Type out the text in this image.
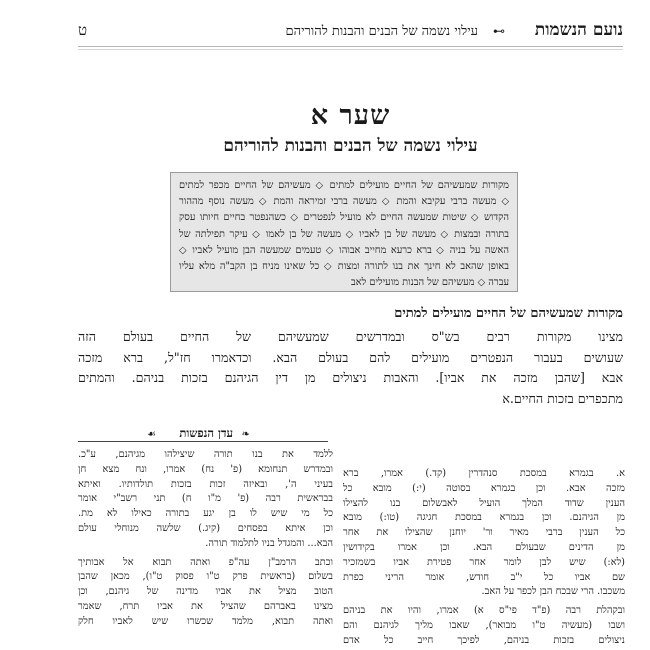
נועם הנשמות
⊶
עילוי נשמה של הבנים והבנות להוריהם
ט
שער א
עילוי נשמה של הבנים והבנות להוריהם
מקורות שמעשיהם של החיים מועילים למתים ◇ מעשיהם של החיים מכפר למתים
◇ מעשה ברבי עקיבא והמת ◇ מעשה ברבי זמיראה והמת ◇ מעשה נוסף מההור
הקדוש ◇ שיטות שמעשה החיים לא מועיל לנפטרים ◇ כשהנפטר בחיים חיותו עסק
בתורה ובמצות ◇ מעשה של בן לאביו ◇ מעשה של בן לאמו ◇ עיקר תפילתה של
האשה על בניה ◇ ברא כרעא מחייב אבוהו ◇ טעמים שמעשה הבן מועיל לאביו ◇
באופן שהאב לא חינך את בנו לתורה ומצות ◇ כל שאינו מניח בן הקב"ה מלא עליו
עברה ◇ מעשיהם של הבנות מועילים לאב
מקורות שמעשיהם של החיים מועילים למתים
מצינו מקורות רבים בש"ס ובמדרשים שמעשיהם של החיים בעולם הזה
שעושים בעבור הנפטרים מועילים להם בעולם הבא. וכדאמרו חז"ל, ברא מזכה
אבא [שהבן מזכה את אביו]. והאבות ניצולים מן דין הגיהנם בזכות בניהם. והמתים
מתכפרים בזכות החיים.א
❧
עדן הנפשות
☙
א. בגמרא במסכת סנהדרין (קד.) אמרו, ברא
מזכה אבא. וכן בגמרא בסוטה (י:) מובא כל
הענין שדוד המלך הועיל לאבשלום בנו להצילו
מן הגיהנם. וכן בגמרא במסכת חגיגה (טו:) מובא
כל הענין ברבי מאיר ור' יוחנן שהצילו את אחר
מן הדינים שבעולם הבא. וכן אמרו בקידושין
(לא:) שיש לבן לומר אחר פטירת אביו בשמזכיר
שם אביו כל י"ב חודש, אומר הריני כפרת
משכבו. הרי שבכח הבן לכפר על האב.
ובקהלת רבה (פ"ד פי"ס א) אמרו, והיו את בניהם
ושבו (מעשיה ט"ו מבואר), שאבו מליך לגיהנם והם
ניצולים בזכות בניהם, לפיכך חייב כל אדם
ללמד את בנו תורה שיצילהו מגיהנם, ע"כ.
ובמדרש תנחומא (פ' נח) אמרו, ונח מצא חן
בעיני ה', ובאיזה זכות בזכות תולדותיו. ואיתא
בבראשית רבה (פ' מ"ו ח) תני רשב"י אומר
כל מי שיש לו בן יגע בתורה כאילו לא מת.
וכן איתא בפסחים (קיג.) שלשה מנוחלי עולם
הבא... והמגדל בניו לתלמוד תורה.
וכתב הרמב"ן עה"פ ואתה תבוא אל אבותיך
בשלום (בראשית פרק ט"ו פסוק ט"ו), מכאן שהבן
הטוב מציל את אביו מדינה של גיהנם, וכן
מצינו באברהם שהציל את אביו תרח, שאמר
ואתה תבוא, מלמד שכשרו שיש לאביו חלק
